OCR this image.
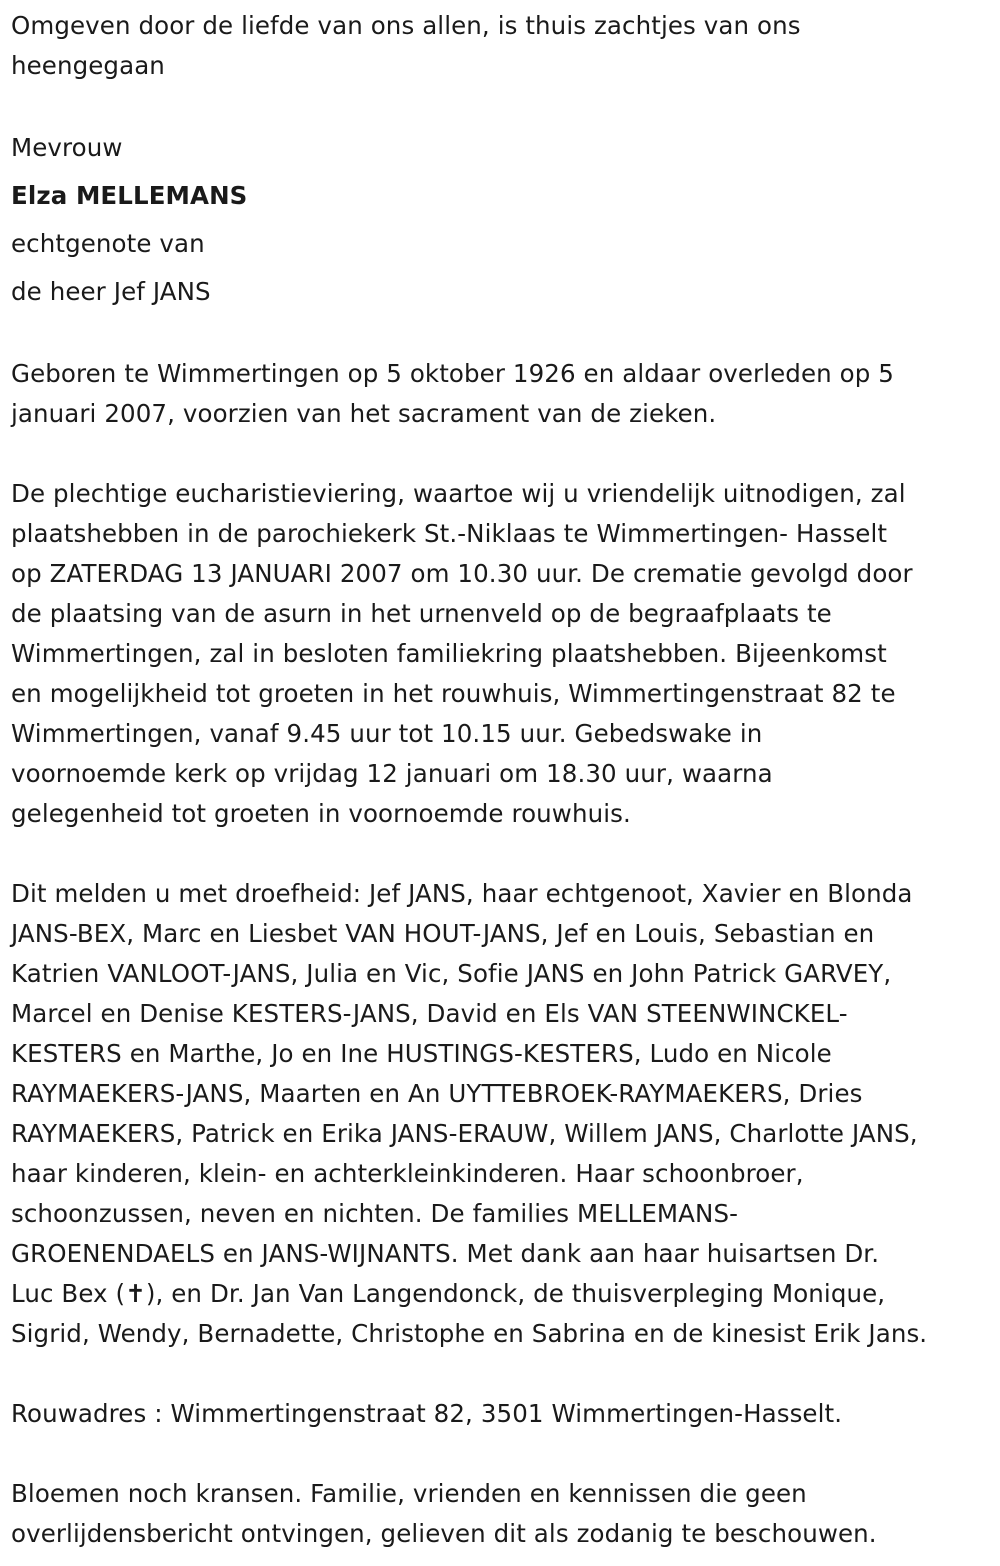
Omgeven door de liefde van ons allen, is thuis zachtjes van ons
heengegaan

Mevrouw
Elza MELLEMANS
echtgenote van
de heer Jef JANS

Geboren te Wimmertingen op 5 oktober 1926 en aldaar overleden op 5
januari 2007, voorzien van het sacrament van de zieken.

De plechtige eucharistieviering, waartoe wij u vriendelijk uitnodigen, zal
plaatshebben in de parochiekerk St.-Niklaas te Wimmertingen- Hasselt
op ZATERDAG 13 JANUARI 2007 om 10.30 uur. De crematie gevolgd door
de plaatsing van de asurn in het urnenveld op de begraafplaats te
Wimmertingen, zal in besloten familiekring plaatshebben. Bijeenkomst
en mogelijkheid tot groeten in het rouwhuis, Wimmertingenstraat 82 te
Wimmertingen, vanaf 9.45 uur tot 10.15 uur. Gebedswake in
voornoemde kerk op vrijdag 12 januari om 18.30 uur, waarna
gelegenheid tot groeten in voornoemde rouwhuis.

Dit melden u met droefheid: Jef JANS, haar echtgenoot, Xavier en Blonda
JANS-BEX, Marc en Liesbet VAN HOUT-JANS, Jef en Louis, Sebastian en
Katrien VANLOOT-JANS, Julia en Vic, Sofie JANS en John Patrick GARVEY,
Marcel en Denise KESTERS-JANS, David en Els VAN STEENWINCKEL-
KESTERS en Marthe, Jo en Ine HUSTINGS-KESTERS, Ludo en Nicole
RAYMAEKERS-JANS, Maarten en An UYTTEBROEK-RAYMAEKERS, Dries
RAYMAEKERS, Patrick en Erika JANS-ERAUW, Willem JANS, Charlotte JANS,
haar kinderen, klein- en achterkleinkinderen. Haar schoonbroer,
schoonzussen, neven en nichten. De families MELLEMANS-
GROENENDAELS en JANS-WIJNANTS. Met dank aan haar huisartsen Dr.
Luc Bex (✝), en Dr. Jan Van Langendonck, de thuisverpleging Monique,
Sigrid, Wendy, Bernadette, Christophe en Sabrina en de kinesist Erik Jans.

Rouwadres : Wimmertingenstraat 82, 3501 Wimmertingen-Hasselt.

Bloemen noch kransen. Familie, vrienden en kennissen die geen
overlijdensbericht ontvingen, gelieven dit als zodanig te beschouwen.
